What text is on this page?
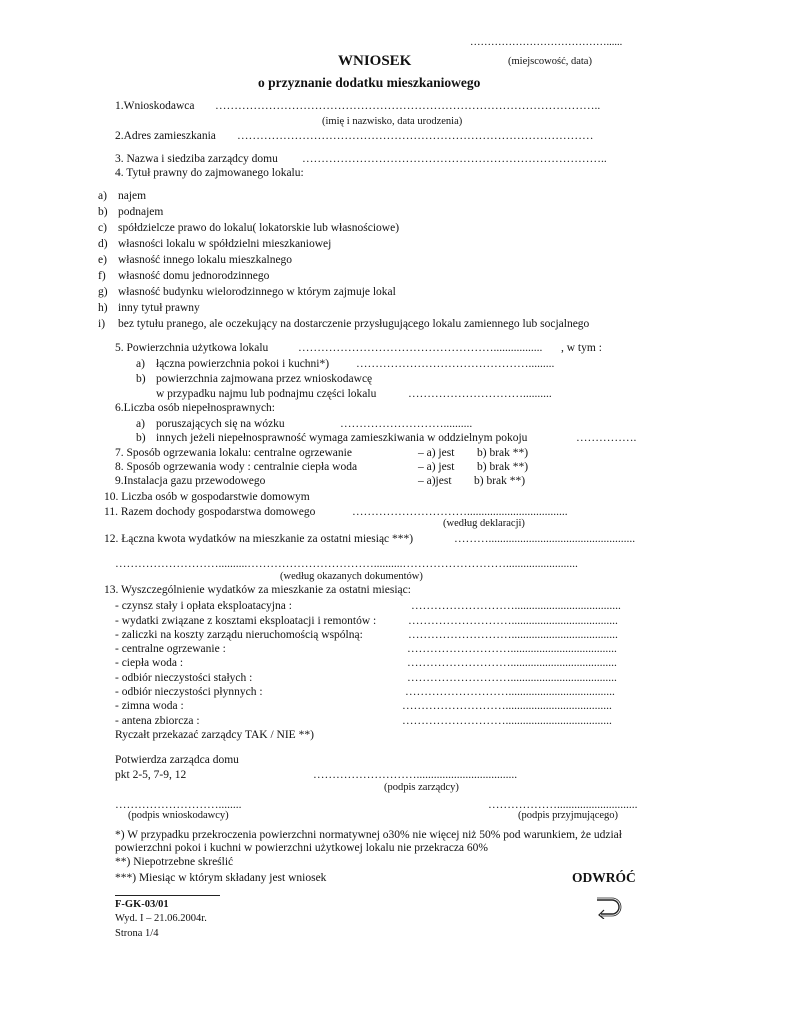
…………………………………......
WNIOSEK	(miejscowość, data)
o przyznanie dodatku mieszkaniowego
1.Wnioskodawca ………………………………………………………………………………………..
(imię i nazwisko, data urodzenia)
2.Adres zamieszkania …………………………………………………………………………………
3. Nazwa i siedziba zarządcy domu ……………………………………………………………………..
4. Tytuł prawny do zajmowanego lokalu:
a) najem
b) podnajem
c) spółdzielcze prawo do lokalu( lokatorskie lub własnościowe)
d) własności lokalu w spółdzielni mieszkaniowej
e) własność innego lokalu mieszkalnego
f) własność domu jednorodzinnego
g) własność budynku wielorodzinnego w którym zajmuje lokal
h) inny tytuł prawny
i) bez tytułu pranego, ale oczekujący na dostarczenie przysługującego lokalu zamiennego lub socjalnego
5. Powierzchnia użytkowa lokalu	……………………………………………................. , w tym :
a) łączna powierzchnia pokoi i kuchni*) ……………………………………….........
b) powierzchnia zajmowana przez wnioskodawcę
w przypadku najmu lub podnajmu części lokalu	…………………………..........
6.Liczba osób niepełnosprawnych:
a) poruszających się na wózku	………………………..........
b) innych jeżeli niepełnosprawność wymaga zamieszkiwania w oddzielnym pokoju	…………….
7. Sposób ogrzewania lokalu: centralne ogrzewanie	– a) jest b) brak **)
8. Sposób ogrzewania wody : centralnie ciepła woda	– a) jest b) brak **)
9.Instalacja gazu przewodowego	– a)jest b) brak **)
10. Liczba osób w gospodarstwie domowym
11. Razem dochody gospodarstwa domowego	…………………………...................................
(według deklaracji)
12. Łączna kwota wydatków na mieszkanie za ostatni miesiąc ***)	………...................................................
………………………..........……………………………..........……………………….........................
(według okazanych dokumentów)
13. Wyszczególnienie wydatków za mieszkanie za ostatni miesiąc:
- czynsz stały i opłata eksploatacyjna :	……………………….....................................
- wydatki związane z kosztami eksploatacji i remontów :	……………………….....................................
- zaliczki na koszty zarządu nieruchomością wspólną:	……………………….....................................
- centralne ogrzewanie :	……………………….....................................
- ciepła woda :	……………………….....................................
- odbiór nieczystości stałych :	……………………….....................................
- odbiór nieczystości płynnych :	……………………….....................................
- zimna woda :	……………………….....................................
- antena zbiorcza :	……………………….....................................
Ryczałt przekazać zarządcy TAK / NIE **)
Potwierdza zarządca domu
pkt 2-5, 7-9, 12	………………………...................................
(podpis zarządcy)
………………………........
(podpis wnioskodawcy)
………………............................
(podpis przyjmującego)
*) W przypadku przekroczenia powierzchni normatywnej o30% nie więcej niż 50% pod warunkiem, że udział
powierzchni pokoi i kuchni w powierzchni użytkowej lokalu nie przekracza 60%
**) Niepotrzebne skreślić
***) Miesiąc w którym składany jest wniosek	ODWRÓĆ
F-GK-03/01
Wyd. I – 21.06.2004r.
Strona 1/4
